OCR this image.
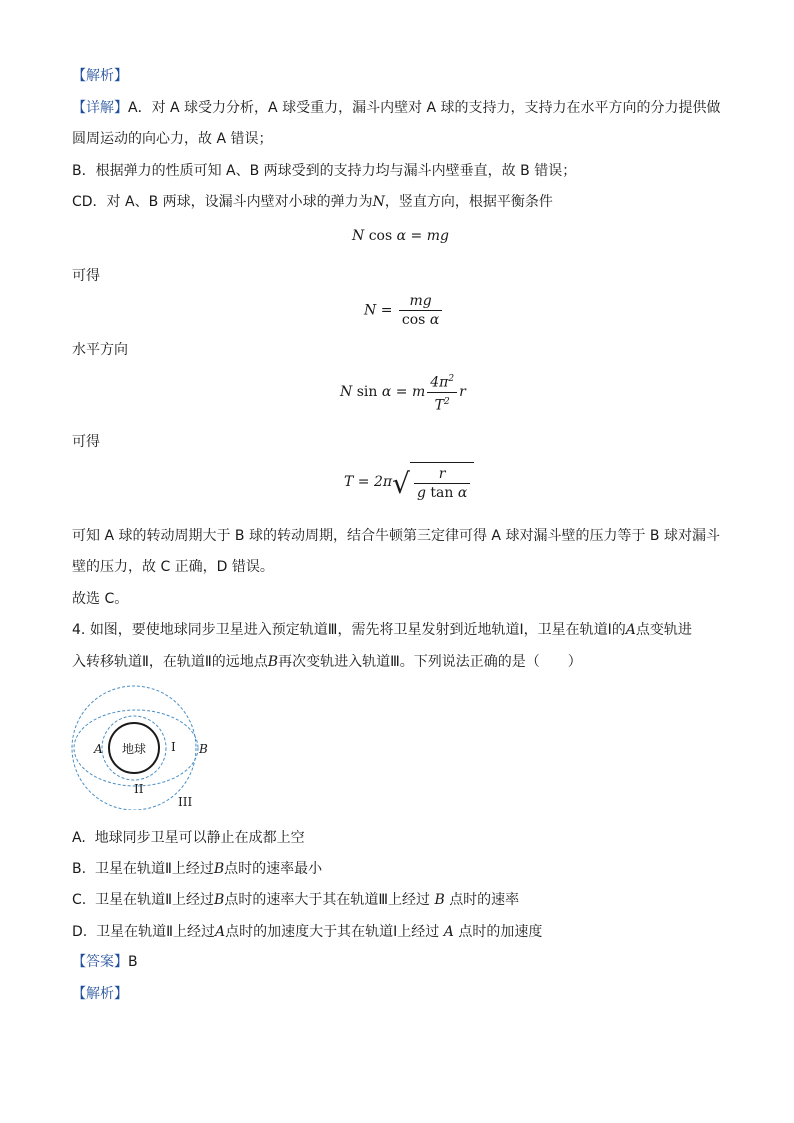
【解析】
【详解】A．对 A 球受力分析，A 球受重力，漏斗内壁对 A 球的支持力，支持力在水平方向的分力提供做
圆周运动的向心力，故 A 错误；
B．根据弹力的性质可知 A、B 两球受到的支持力均与漏斗内壁垂直，故 B 错误；
CD．对 A、B 两球，设漏斗内壁对小球的弹力为N，竖直方向，根据平衡条件
N cos α = mg
可得
$N = \frac{mg}{\text{cos α}}$
水平方向
N sin α = m $\frac{4\pi^2}{T^2}$ r
可得
$T = 2\pi√ \frac{r}{\text{g tan α}}$
可知 A 球的转动周期大于 B 球的转动周期，结合牛顿第三定律可得 A 球对漏斗壁的压力等于 B 球对漏斗
壁的压力，故 C 正确，D 错误。
故选 C。
4. 如图，要使地球同步卫星进入预定轨道Ⅲ，需先将卫星发射到近地轨道Ⅰ，卫星在轨道Ⅰ的A点变轨进
入转移轨道Ⅱ，在轨道Ⅱ的远地点B再次变轨进入轨道Ⅲ。下列说法正确的是（　　）
地球
A	B
I
II
III
A. 地球同步卫星可以静止在成都上空
B. 卫星在轨道Ⅱ上经过B点时的速率最小
C. 卫星在轨道Ⅱ上经过B点时的速率大于其在轨道Ⅲ上经过 B 点时的速率
D. 卫星在轨道Ⅱ上经过A点时的加速度大于其在轨道Ⅰ上经过 A 点时的加速度
【答案】B
【解析】
